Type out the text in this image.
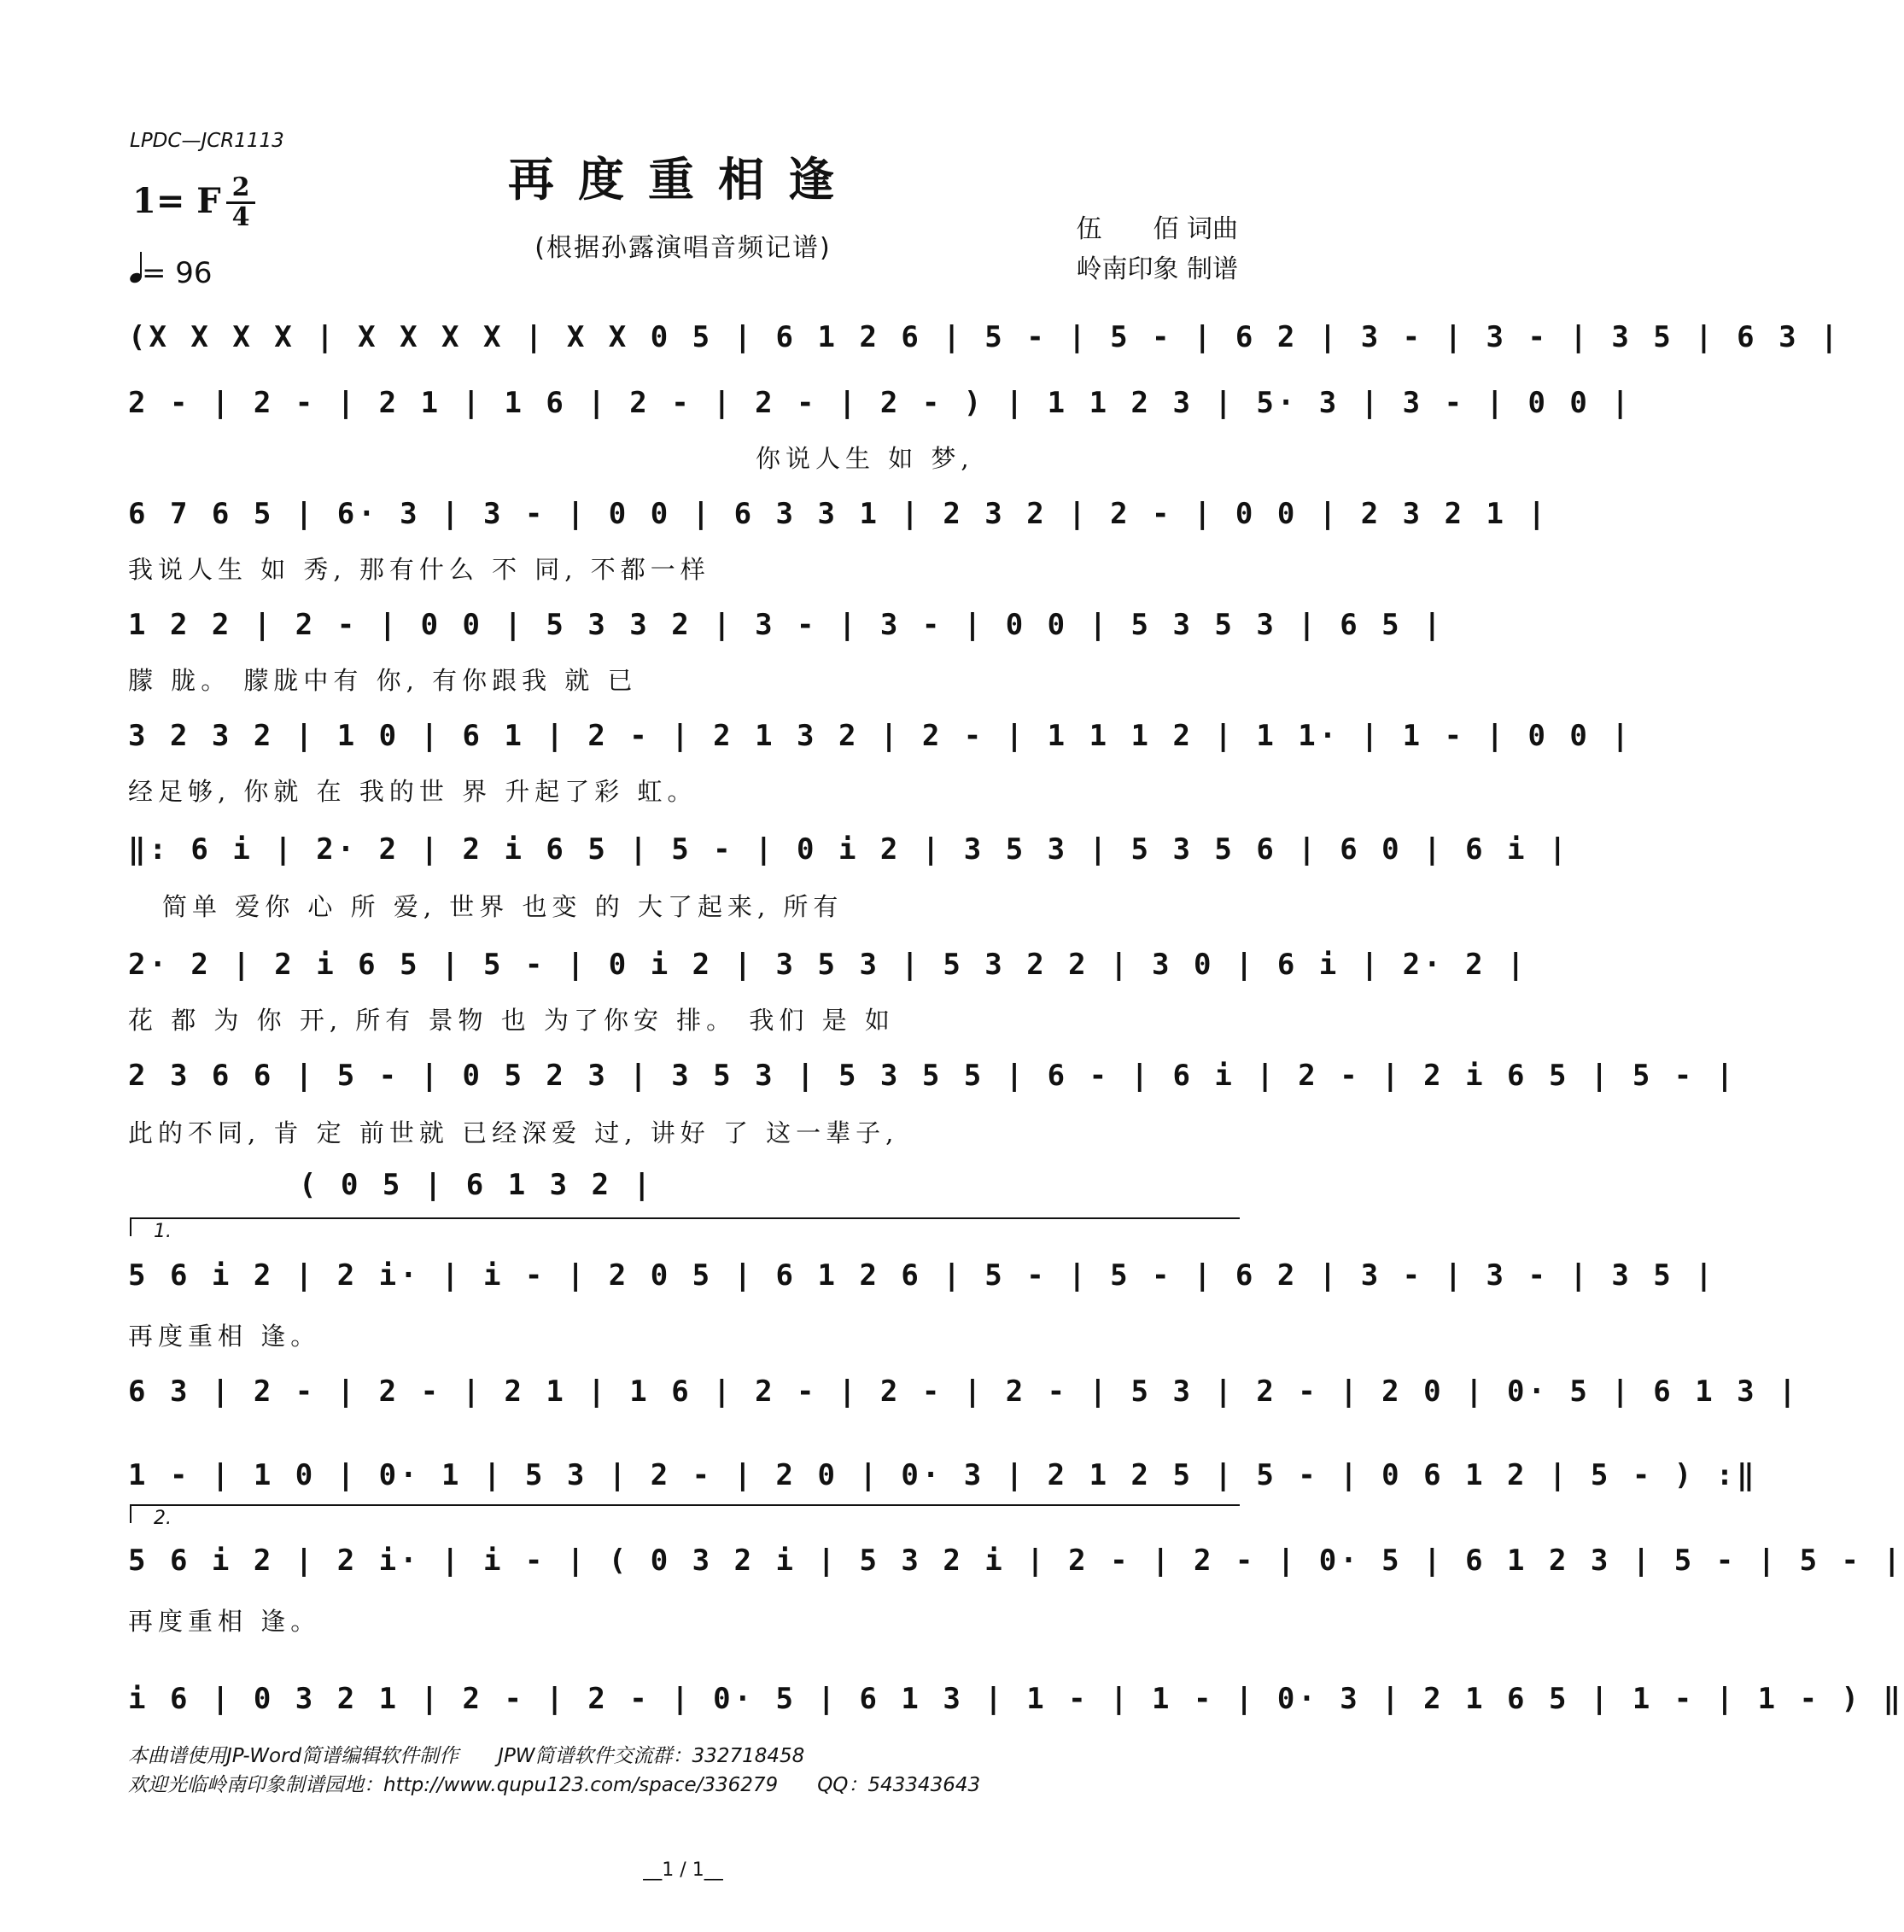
LPDC—JCR1113
再度重相逢
(根据孙露演唱音频记谱)
伍　　佰 词曲
岭南印象 制谱
1= F 2
4
= 96
(X X X X | X X X X | X X 0 5 | 6 1 2 6 | 5 - | 5 - | 6 2 | 3 - | 3 - | 3 5 | 6 3 |
2 - | 2 - | 2 1 | 1 6 | 2 - | 2 - | 2 - ) | 1 1 2 3 | 5· 3 | 3 - | 0 0 |
你说人生 如 梦,
6 7 6 5 | 6· 3 | 3 - | 0 0 | 6 3 3 1 | 2 3 2 | 2 - | 0 0 | 2 3 2 1 |
我说人生 如 秀, 那有什么 不 同, 不都一样
1 2 2 | 2 - | 0 0 | 5 3 3 2 | 3 - | 3 - | 0 0 | 5 3 5 3 | 6 5 |
朦 胧。 朦胧中有 你, 有你跟我 就 已
3 2 3 2 | 1 0 | 6 1 | 2 - | 2 1 3 2 | 2 - | 1 1 1 2 | 1 1· | 1 - | 0 0 |
经足够, 你就 在 我的世 界 升起了彩 虹。
‖: 6 i | 2· 2 | 2 i 6 5 | 5 - | 0 i 2 | 3 5 3 | 5 3 5 6 | 6 0 | 6 i |
简单 爱你 心 所 爱, 世界 也变 的 大了起来, 所有
2· 2 | 2 i 6 5 | 5 - | 0 i 2 | 3 5 3 | 5 3 2 2 | 3 0 | 6 i | 2· 2 |
花 都 为 你 开, 所有 景物 也 为了你安 排。 我们 是 如
2 3 6 6 | 5 - | 0 5 2 3 | 3 5 3 | 5 3 5 5 | 6 - | 6 i | 2 - | 2 i 6 5 | 5 - |
此的不同, 肯 定 前世就 已经深爱 过, 讲好 了 这一辈子,
( 0 5 | 6 1 3 2 |
1.
5 6 i 2 | 2 i· | i - | 2 0 5 | 6 1 2 6 | 5 - | 5 - | 6 2 | 3 - | 3 - | 3 5 |
再度重相 逢。
6 3 | 2 - | 2 - | 2 1 | 1 6 | 2 - | 2 - | 2 - | 5 3 | 2 - | 2 0 | 0· 5 | 6 1 3 |
1 - | 1 0 | 0· 1 | 5 3 | 2 - | 2 0 | 0· 3 | 2 1 2 5 | 5 - | 0 6 1 2 | 5 - ) :‖
2.
5 6 i 2 | 2 i· | i - | ( 0 3 2 i | 5 3 2 i | 2 - | 2 - | 0· 5 | 6 1 2 3 | 5 - | 5 - |
再度重相 逢。
i 6 | 0 3 2 1 | 2 - | 2 - | 0· 5 | 6 1 3 | 1 - | 1 - | 0· 3 | 2 1 6 5 | 1 - | 1 - ) ‖
本曲谱使用JP-Word简谱编辑软件制作　　JPW简谱软件交流群：332718458
欢迎光临岭南印象制谱园地：http://www.qupu123.com/space/336279　　QQ：543343643
__1 / 1__
